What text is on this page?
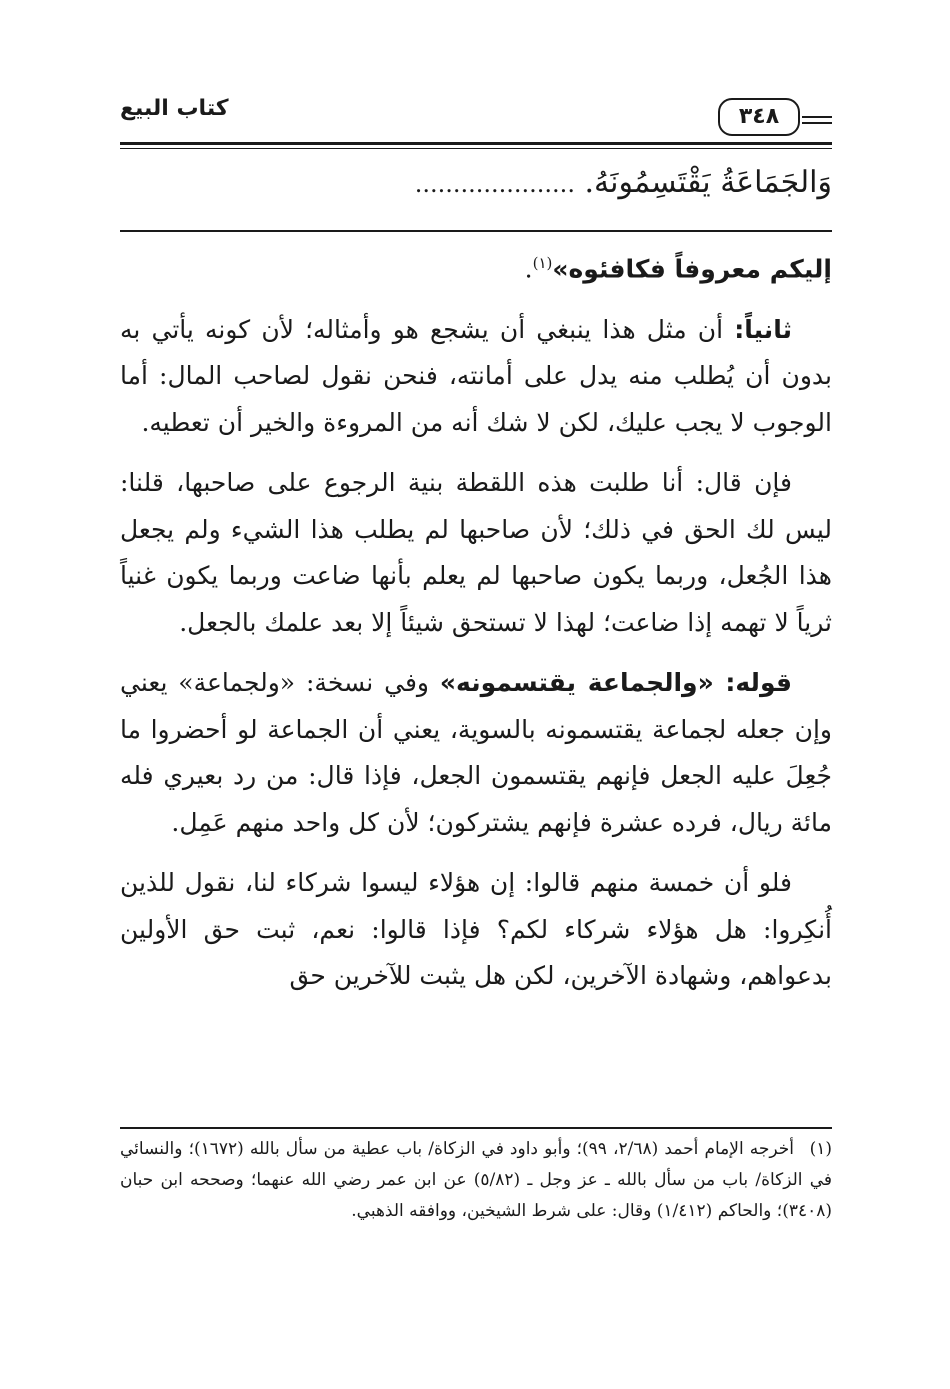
كتاب البيع	٣٤٨
وَالجَمَاعَةُ يَقْتَسِمُونَهُ. .....................

إليكم معروفاً فكافئوه»$^{(١)}$.

ثانياً: أن مثل هذا ينبغي أن يشجع هو وأمثاله؛ لأن كونه يأتي به بدون أن يُطلب منه يدل على أمانته، فنحن نقول لصاحب المال: أما الوجوب لا يجب عليك، لكن لا شك أنه من المروءة والخير أن تعطيه.

فإن قال: أنا طلبت هذه اللقطة بنية الرجوع على صاحبها، قلنا: ليس لك الحق في ذلك؛ لأن صاحبها لم يطلب هذا الشيء ولم يجعل هذا الجُعل، وربما يكون صاحبها لم يعلم بأنها ضاعت وربما يكون غنياً ثرياً لا تهمه إذا ضاعت؛ لهذا لا تستحق شيئاً إلا بعد علمك بالجعل.

قوله: «والجماعة يقتسمونه» وفي نسخة: «ولجماعة» يعني وإن جعله لجماعة يقتسمونه بالسوية، يعني أن الجماعة لو أحضروا ما جُعِلَ عليه الجعل فإنهم يقتسمون الجعل، فإذا قال: من رد بعيري فله مائة ريال، فرده عشرة فإنهم يشتركون؛ لأن كل واحد منهم عَمِل.

فلو أن خمسة منهم قالوا: إن هؤلاء ليسوا شركاء لنا، نقول للذين أُنكِروا: هل هؤلاء شركاء لكم؟ فإذا قالوا: نعم، ثبت حق الأولين بدعواهم، وشهادة الآخرين، لكن هل يثبت للآخرين حق

(١)أخرجه الإمام أحمد (٢/٦٨، ٩٩)؛ وأبو داود في الزكاة/ باب عطية من سأل بالله (١٦٧٢)؛ والنسائي في الزكاة/ باب من سأل بالله ـ عز وجل ـ (٥/٨٢) عن ابن عمر رضي الله عنهما؛ وصححه ابن حبان (٣٤٠٨)؛ والحاكم (١/٤١٢) وقال: على شرط الشيخين، ووافقه الذهبي.
